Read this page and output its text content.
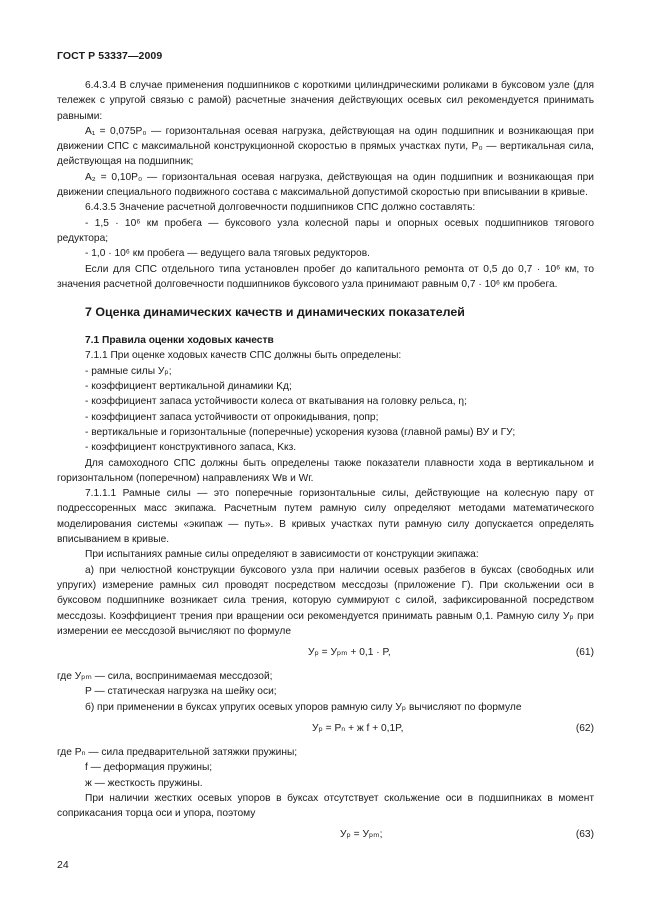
ГОСТ Р 53337—2009

6.4.3.4 В случае применения подшипников с короткими цилиндрическими роликами в буксовом узле (для тележек с упругой связью с рамой) расчетные значения действующих осевых сил рекомендуется принимать равными:

A₁ = 0,075P₀ — горизонтальная осевая нагрузка, действующая на один подшипник и возникающая при движении СПС с максимальной конструкционной скоростью в прямых участках пути, P₀ — вертикальная сила, действующая на подшипник;

A₂ = 0,10P₀ — горизонтальная осевая нагрузка, действующая на один подшипник и возникающая при движении специального подвижного состава с максимальной допустимой скоростью при вписывании в кривые.

6.4.3.5 Значение расчетной долговечности подшипников СПС должно составлять:

- 1,5 · 10⁶ км пробега — буксового узла колесной пары и опорных осевых подшипников тягового редуктора;

- 1,0 · 10⁶ км пробега — ведущего вала тяговых редукторов.

Если для СПС отдельного типа установлен пробег до капитального ремонта от 0,5 до 0,7 · 10⁶ км, то значения расчетной долговечности подшипников буксового узла принимают равным 0,7 · 10⁶ км пробега.

7 Оценка динамических качеств и динамических показателей

7.1 Правила оценки ходовых качеств

7.1.1 При оценке ходовых качеств СПС должны быть определены:

- рамные силы Уₚ;

- коэффициент вертикальной динамики Kд;

- коэффициент запаса устойчивости колеса от вкатывания на головку рельса, η;

- коэффициент запаса устойчивости от опрокидывания, ηопр;

- вертикальные и горизонтальные (поперечные) ускорения кузова (главной рамы) ВУ и ГУ;

- коэффициент конструктивного запаса, Kкз.

Для самоходного СПС должны быть определены также показатели плавности хода в вертикальном и горизонтальном (поперечном) направлениях Wв и Wг.

7.1.1.1 Рамные силы — это поперечные горизонтальные силы, действующие на колесную пару от подрессоренных масс экипажа. Расчетным путем рамную силу определяют методами математического моделирования системы «экипаж — путь». В кривых участках пути рамную силу допускается определять вписыванием в кривые.

При испытаниях рамные силы определяют в зависимости от конструкции экипажа:

а) при челюстной конструкции буксового узла при наличии осевых разбегов в буксах (свободных или упругих) измерение рамных сил проводят посредством мессдозы (приложение Г). При скольжении оси в буксовом подшипнике возникает сила трения, которую суммируют с силой, зафиксированной посредством мессдозы. Коэффициент трения при вращении оси рекомендуется принимать равным 0,1. Рамную силу Уₚ при измерении ее мессдозой вычисляют по формуле

Уₚ = Уₚₘ + 0,1 · P,	(61)

где Уₚₘ — сила, воспринимаемая мессдозой;

P — статическая нагрузка на шейку оси;

б) при применении в буксах упругих осевых упоров рамную силу Уₚ вычисляют по формуле

Уₚ = Pₙ + ж f + 0,1P,	(62)

где Pₙ — сила предварительной затяжки пружины;

f — деформация пружины;

ж — жесткость пружины.

При наличии жестких осевых упоров в буксах отсутствует скольжение оси в подшипниках в момент соприкасания торца оси и упора, поэтому

Уₚ = Уₚₘ;	(63)
24
